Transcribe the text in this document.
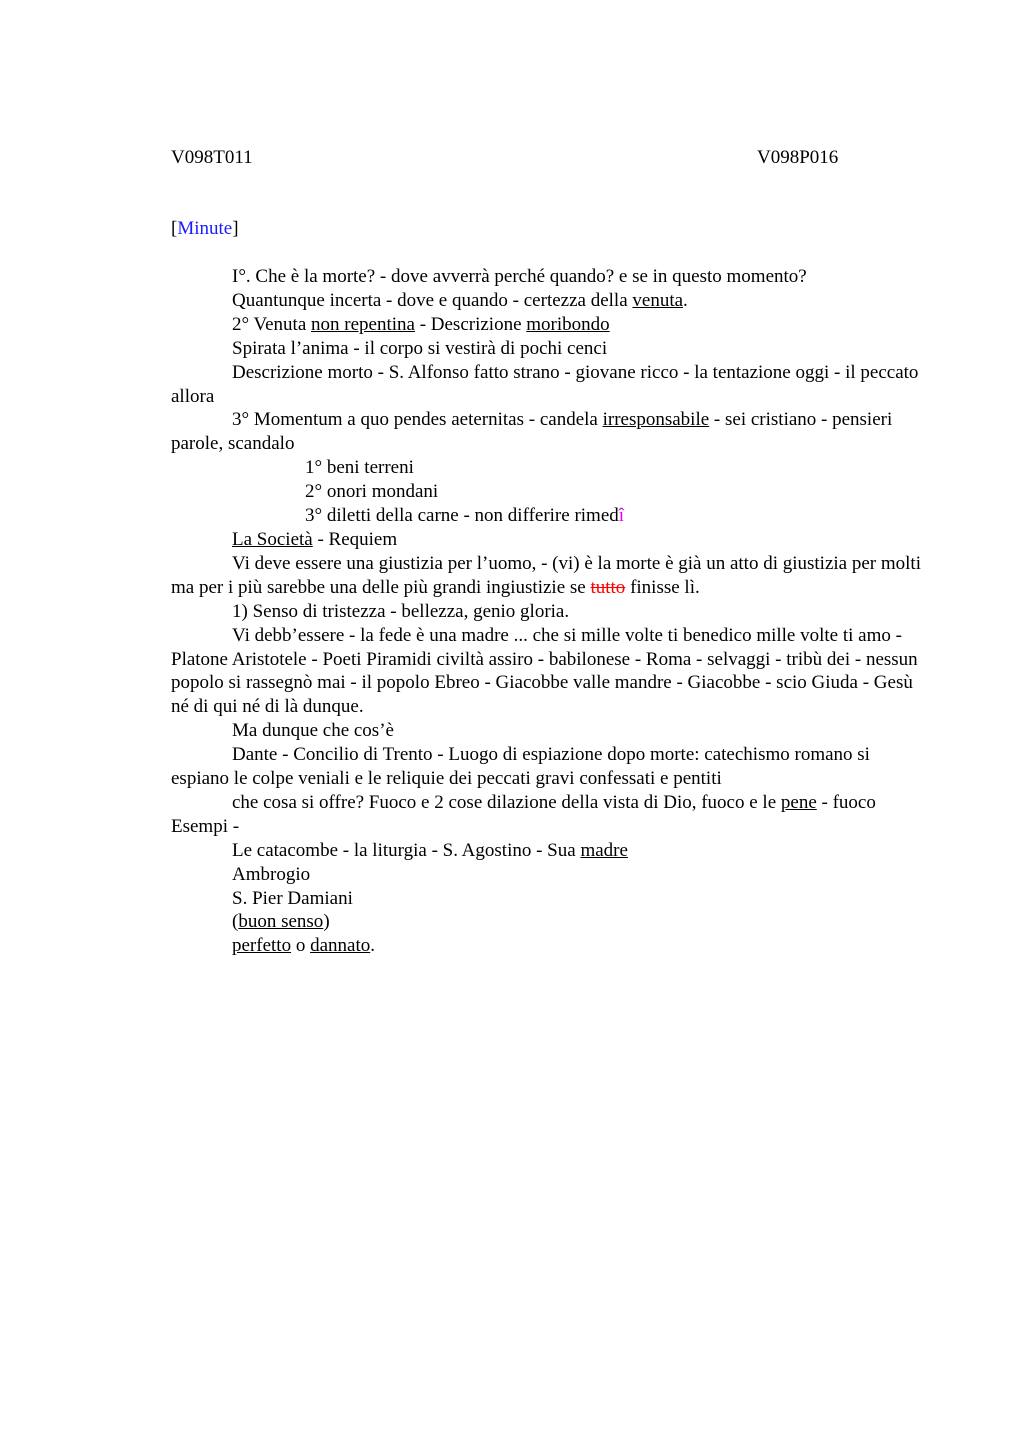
V098T011	V098P016
[Minute]

I°. Che è la morte? - dove avverrà perché quando? e se in questo momento?

Quantunque incerta - dove e quando - certezza della venuta.

2° Venuta non repentina - Descrizione moribondo

Spirata l’anima - il corpo si vestirà di pochi cenci

Descrizione morto - S. Alfonso fatto strano - giovane ricco - la tentazione oggi - il peccato allora

3° Momentum a quo pendes aeternitas - candela irresponsabile - sei cristiano - pensieri parole, scandalo

1° beni terreni

2° onori mondani

3° diletti della carne - non differire rimedî

La Società - Requiem

Vi deve essere una giustizia per l’uomo, - (vi) è la morte è già un atto di giustizia per molti ma per i più sarebbe una delle più grandi ingiustizie se tutto finisse lì.

1) Senso di tristezza - bellezza, genio gloria.

Vi debb’essere - la fede è una madre ... che si mille volte ti benedico mille volte ti amo - Platone Aristotele - Poeti Piramidi civiltà assiro - babilonese - Roma - selvaggi - tribù dei - nessun popolo si rassegnò mai - il popolo Ebreo - Giacobbe valle mandre - Giacobbe - scio Giuda - Gesù né di qui né di là dunque.

Ma dunque che cos’è

Dante - Concilio di Trento - Luogo di espiazione dopo morte: catechismo romano si espiano le colpe veniali e le reliquie dei peccati gravi confessati e pentiti

che cosa si offre? Fuoco e 2 cose dilazione della vista di Dio, fuoco e le pene - fuoco Esempi -

Le catacombe - la liturgia - S. Agostino - Sua madre

Ambrogio

S. Pier Damiani

(buon senso)

perfetto o dannato.
